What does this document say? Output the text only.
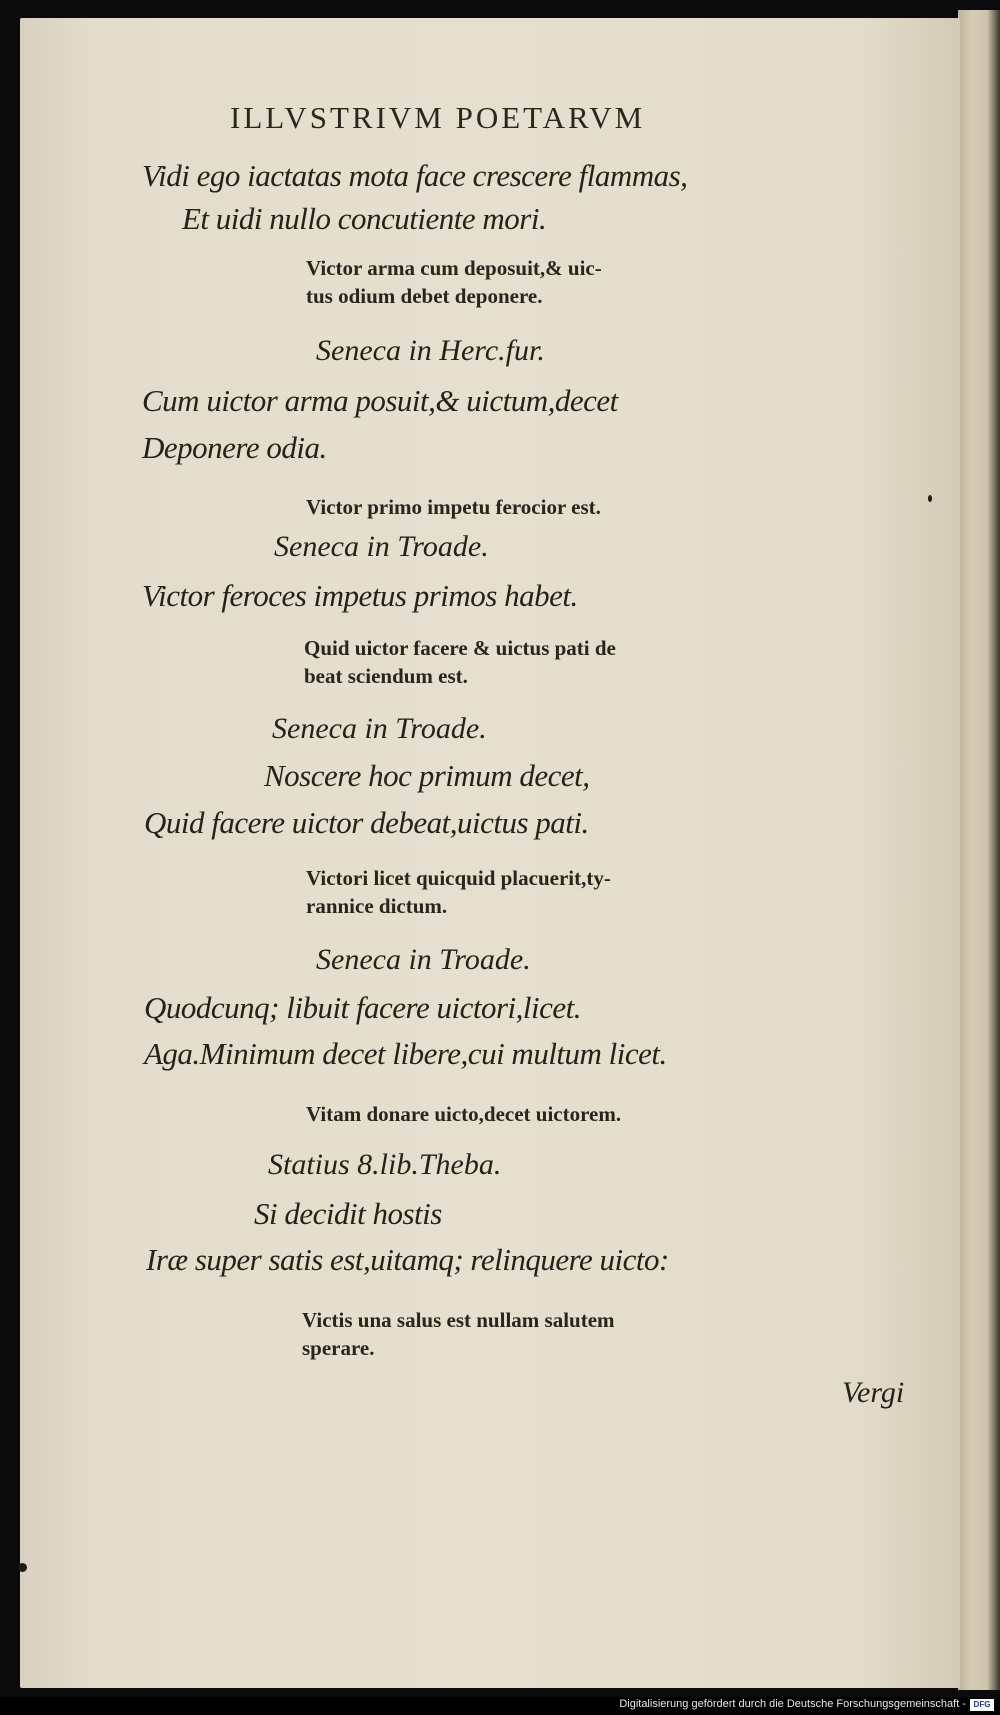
ILLVSTRIVM POETARVM
Vidi ego iactatas mota face crescere flammas,
Et uidi nullo concutiente mori.
Victor arma cum deposuit,& uic-
tus odium debet deponere.
Seneca in Herc.fur.
Cum uictor arma posuit,& uictum,decet
Deponere odia.
Victor primo impetu ferocior est.
Seneca in Troade.
Victor feroces impetus primos habet.
Quid uictor facere & uictus pati de
beat sciendum est.
Seneca in Troade.
Noscere hoc primum decet,
Quid facere uictor debeat,uictus pati.
Victori licet quicquid placuerit,ty-
rannice dictum.
Seneca in Troade.
Quodcunq; libuit facere uictori,licet.
Aga.Minimum decet libere,cui multum licet.
Vitam donare uicto,decet uictorem.
Statius 8.lib.Theba.
Si decidit hostis
Iræ super satis est,uitamq; relinquere uicto:
Victis una salus est nullam salutem
sperare.
Vergi
Digitalisierung gefördert durch die Deutsche Forschungsgemeinschaft - DFG
